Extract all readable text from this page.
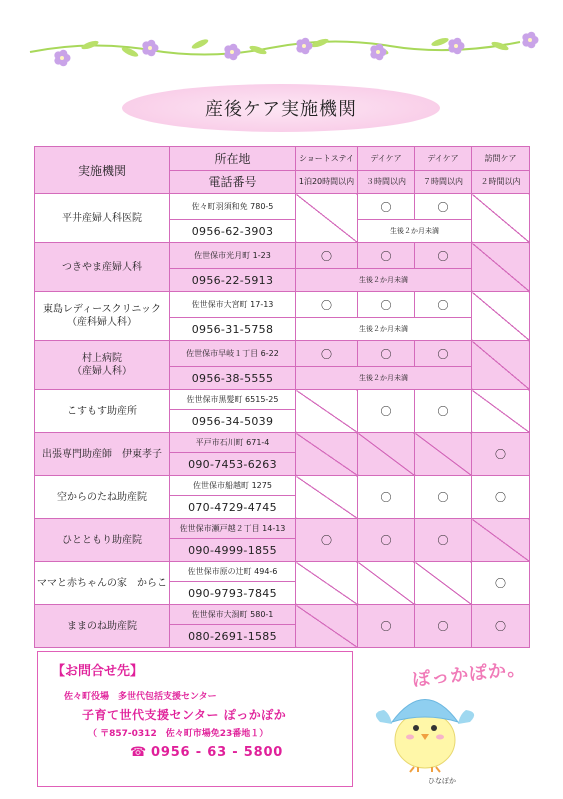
産後ケア実施機関
実施機関	所在地	ショートステイ	デイケア	デイケア	訪問ケア
	電話番号	1泊20時間以内	３時間以内	７時間以内	２時間以内

平井産婦人科医院	佐々町羽須和免 780-5		〇	〇	
	0956-62-3903		生後２か月未満		

つきやま産婦人科	佐世保市光月町 1-23	〇	〇	〇	
	0956-22-5913	生後２か月未満			

東島レディースクリニック
（産科婦人科）	佐世保市大宮町 17-13	〇	〇	〇	
	0956-31-5758	生後２か月未満			

村上病院
（産婦人科）	佐世保市早岐１丁目 6-22	〇	〇	〇	
	0956-38-5555	生後２か月未満			

こすもす助産所	佐世保市黒髪町 6515-25		〇	〇	
	0956-34-5039				

出張専門助産師　伊東孝子	平戸市石川町 671-4				〇
	090-7453-6263				

空からのたね助産院	佐世保市船越町 1275		〇	〇	〇
	070-4729-4745				

ひとともり助産院	佐世保市瀬戸越２丁目 14-13	〇	〇	〇	
	090-4999-1855				

ママと赤ちゃんの家　からこ	佐世保市原の辻町 494-6				〇
	090-9793-7845				

ままのね助産院	佐世保市大潟町 580-1		〇	〇	〇
	080-2691-1585				
【お問合せ先】
佐々町役場　多世代包括支援センター
子育て世代支援センター ぽっかぽか
（ 〒857-0312　佐々町市場免23番地１）
☎ 0956 - 63 - 5800
ぽっかぽか。
ひなぽか
